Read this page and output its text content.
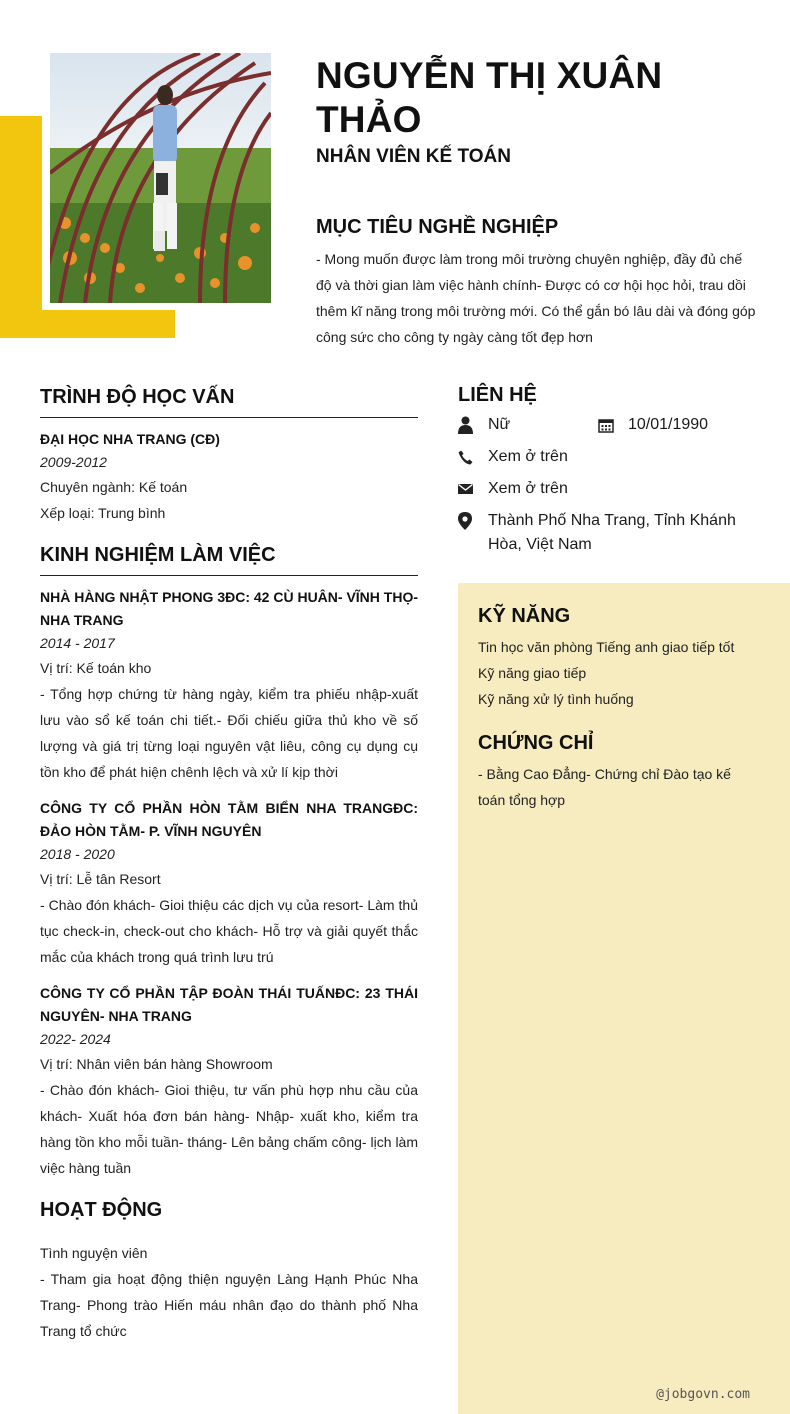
NGUYỄN THỊ XUÂN THẢO
NHÂN VIÊN KẾ TOÁN
MỤC TIÊU NGHỀ NGHIỆP
- Mong muốn được làm trong môi trường chuyên nghiệp, đầy đủ chế độ và thời gian làm việc hành chính- Được có cơ hội học hỏi, trau dồi thêm kĩ năng trong môi trường mới. Có thể gắn bó lâu dài và đóng góp công sức cho công ty ngày càng tốt đẹp hơn
TRÌNH ĐỘ HỌC VẤN
ĐẠI HỌC NHA TRANG (CĐ)
2009-2012
Chuyên ngành: Kế toán
Xếp loại: Trung bình
KINH NGHIỆM LÀM VIỆC
NHÀ HÀNG NHẬT PHONG 3ĐC: 42 CÙ HUÂN- VĨNH THỌ- NHA TRANG
2014 - 2017
Vị trí: Kế toán kho
- Tổng hợp chứng từ hàng ngày, kiểm tra phiếu nhập-xuất lưu vào sổ kế toán chi tiết.- Đối chiếu giữa thủ kho về số lượng và giá trị từng loại nguyên vật liêu, công cụ dụng cụ tồn kho để phát hiện chênh lệch và xử lí kịp thời
CÔNG TY CỔ PHẦN HÒN TẰM BIỂN NHA TRANGĐC: ĐẢO HÒN TẰM- P. VĨNH NGUYÊN
2018 - 2020
Vị trí: Lễ tân Resort
- Chào đón khách- Gioi thiệu các dịch vụ của resort- Làm thủ tục check-in, check-out cho khách- Hỗ trợ và giải quyết thắc mắc của khách trong quá trình lưu trú
CÔNG TY CỔ PHẦN TẬP ĐOÀN THÁI TUẤNĐC: 23 THÁI NGUYÊN- NHA TRANG
2022- 2024
Vị trí: Nhân viên bán hàng Showroom
- Chào đón khách- Gioi thiệu, tư vấn phù hợp nhu cầu của khách- Xuất hóa đơn bán hàng- Nhập- xuất kho, kiểm tra hàng tồn kho mỗi tuần- tháng- Lên bảng chấm công- lịch làm việc hàng tuần
HOẠT ĐỘNG
Tình nguyện viên
- Tham gia hoạt động thiện nguyện Làng Hạnh Phúc Nha Trang- Phong trào Hiến máu nhân đạo do thành phố Nha Trang tổ chức
LIÊN HỆ
Nữ	10/01/1990
Xem ở trên
Xem ở trên
Thành Phố Nha Trang, Tỉnh Khánh Hòa, Việt Nam
KỸ NĂNG
Tin học văn phòng Tiếng anh giao tiếp tốt
Kỹ năng giao tiếp
Kỹ năng xử lý tình huống
CHỨNG CHỈ
- Bằng Cao Đẳng- Chứng chỉ Đào tạo kế toán tổng hợp
@jobgovn.com
